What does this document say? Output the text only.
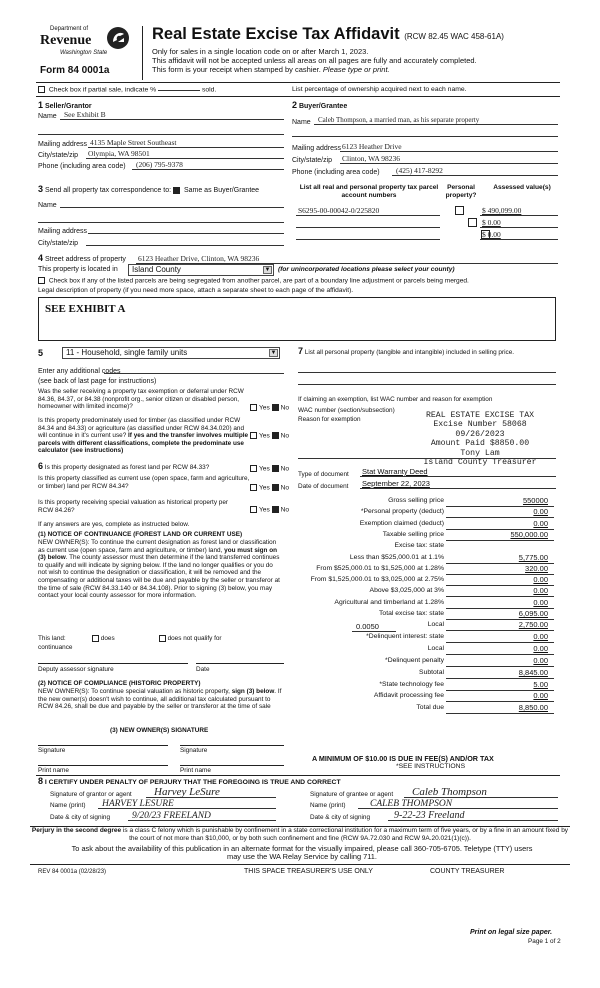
Department of
Revenue
Washington State
Form 84 0001a
Real Estate Excise Tax Affidavit (RCW 82.45 WAC 458-61A)
Only for sales in a single location code on or after March 1, 2023.
This affidavit will not be accepted unless all areas on all pages are fully and accurately completed.
This form is your receipt when stamped by cashier. Please type or print.
Check box if partial sale, indicate %	sold.	List percentage of ownership acquired next to each name.
1 Seller/Grantor
Name See Exhibit B
Mailing address 4135 Maple Street Southeast
City/state/zip Olympia, WA 98501
Phone (including area code) (206) 795-9378
2 Buyer/Grantee
Name Caleb Thompson, a married man, as his separate property
Mailing address 6123 Heather Drive
City/state/zip Clinton, WA 98236
Phone (including area code) (425) 417-8292
3 Send all property tax correspondence to: Same as Buyer/Grantee
Name
Mailing address
City/state/zip
List all real and personal property tax parcel account numbers
Personal property?
Assessed value(s)
S6295-00-00042-0/225820
	$ 490,099.00

$ 0.00
$ 0.00
4 Street address of property 6123 Heather Drive, Clinton, WA 98236
This property is located in	Island County	▼ (for unincorporated locations please select your county)
Check box if any of the listed parcels are being segregated from another parcel, are part of a boundary line adjustment or parcels being merged.
Legal description of property (if you need more space, attach a separate sheet to each page of the affidavit).
SEE EXHIBIT A
5	11 - Household, single family units	▼
Enter any additional codes
(see back of last page for instructions)
Was the seller receiving a property tax exemption or deferral under RCW 84.36, 84.37, or 84.38 (nonprofit org., senior citizen or disabled person, homeowner with limited income)?	Yes No
Is this property predominately used for timber (as classified under RCW 84.34 and 84.33) or agriculture (as classified under RCW 84.34.020) and will continue in it's current use? If yes and the transfer involves multiple parcels with different classifications, complete the predominate use calculator (see instructions)
Yes No
6 Is this property designated as forest land per RCW 84.33?	Yes No
Is this property classified as current use (open space, farm and agriculture, or timber) land per RCW 84.34?	Yes No
Is this property receiving special valuation as historical property per RCW 84.26?	Yes No
If any answers are yes, complete as instructed below.
(1) NOTICE OF CONTINUANCE (FOREST LAND OR CURRENT USE)
NEW OWNER(S): To continue the current designation as forest land or classification as current use (open space, farm and agriculture, or timber) land, you must sign on (3) below. The county assessor must then determine if the land transferred continues to qualify and will indicate by signing below. If the land no longer qualifies or you do not wish to continue the designation or classification, it will be removed and the compensating or additional taxes will be due and payable by the seller or transferor at the time of sale (RCW 84.33.140 or 84.34.108). Prior to signing (3) below, you may contact your local county assessor for more information.
This land:	does	does not qualify for
continuance
Deputy assessor signature	Date
(2) NOTICE OF COMPLIANCE (HISTORIC PROPERTY)
NEW OWNER(S): To continue special valuation as historic property, sign (3) below. If the new owner(s) doesn't wish to continue, all additional tax calculated pursuant to RCW 84.26, shall be due and payable by the seller or transferor at the time of sale
(3) NEW OWNER(S) SIGNATURE
Signature	Signature
Print name	Print name
7 List all personal property (tangible and intangible) included in selling price.
If claiming an exemption, list WAC number and reason for exemption
WAC number (section/subsection)
Reason for exemption	REAL ESTATE EXCISE TAX
Excise Number 58068
09/26/2023
Amount Paid $8850.00
Tony Lam
Island County Treasurer
Type of document Stat Warranty Deed
Date of document September 22, 2023
Gross selling price	550000
*Personal property (deduct)	0.00
Exemption claimed (deduct)	0.00
Taxable selling price	550,000.00
Excise tax: state
Less than $525,000.01 at 1.1%	5,775.00
From $525,000.01 to $1,525,000 at 1.28%	320.00
From $1,525,000.01 to $3,025,000 at 2.75%	0.00
Above $3,025,000 at 3%	0.00
Agricultural and timberland at 1.28%	0.00
Total excise tax: state	6,095.00
0.0050	Local	2,750.00
*Delinquent interest: state	0.00
Local	0.00
*Delinquent penalty	0.00
Subtotal	8,845.00
*State technology fee	5.00
Affidavit processing fee	0.00
Total due	8,850.00
A MINIMUM OF $10.00 IS DUE IN FEE(S) AND/OR TAX
*SEE INSTRUCTIONS
8 I CERTIFY UNDER PENALTY OF PERJURY THAT THE FOREGOING IS TRUE AND CORRECT
Signature of grantor or agent Harvey LeSure
Name (print) HARVEY LESURE
Date & city of signing 9/20/23 FREELAND
Signature of grantee or agent Caleb Thompson
Name (print)	CALEB THOMPSON
Date & city of signing 9-22-23 Freeland
Perjury in the second degree is a class C felony which is punishable by confinement in a state correctional institution for a maximum term of five years, or by a fine in an amount fixed by the court of not more than $10,000, or by both such confinement and fine (RCW 9A.72.030 and RCW 9A.20.021(1)(c)).
To ask about the availability of this publication in an alternate format for the visually impaired, please call 360-705-6705. Teletype (TTY) users may use the WA Relay Service by calling 711.
REV 84 0001a (02/28/23)	THIS SPACE TREASURER'S USE ONLY	COUNTY TREASURER
Print on legal size paper.
Page 1 of 2
